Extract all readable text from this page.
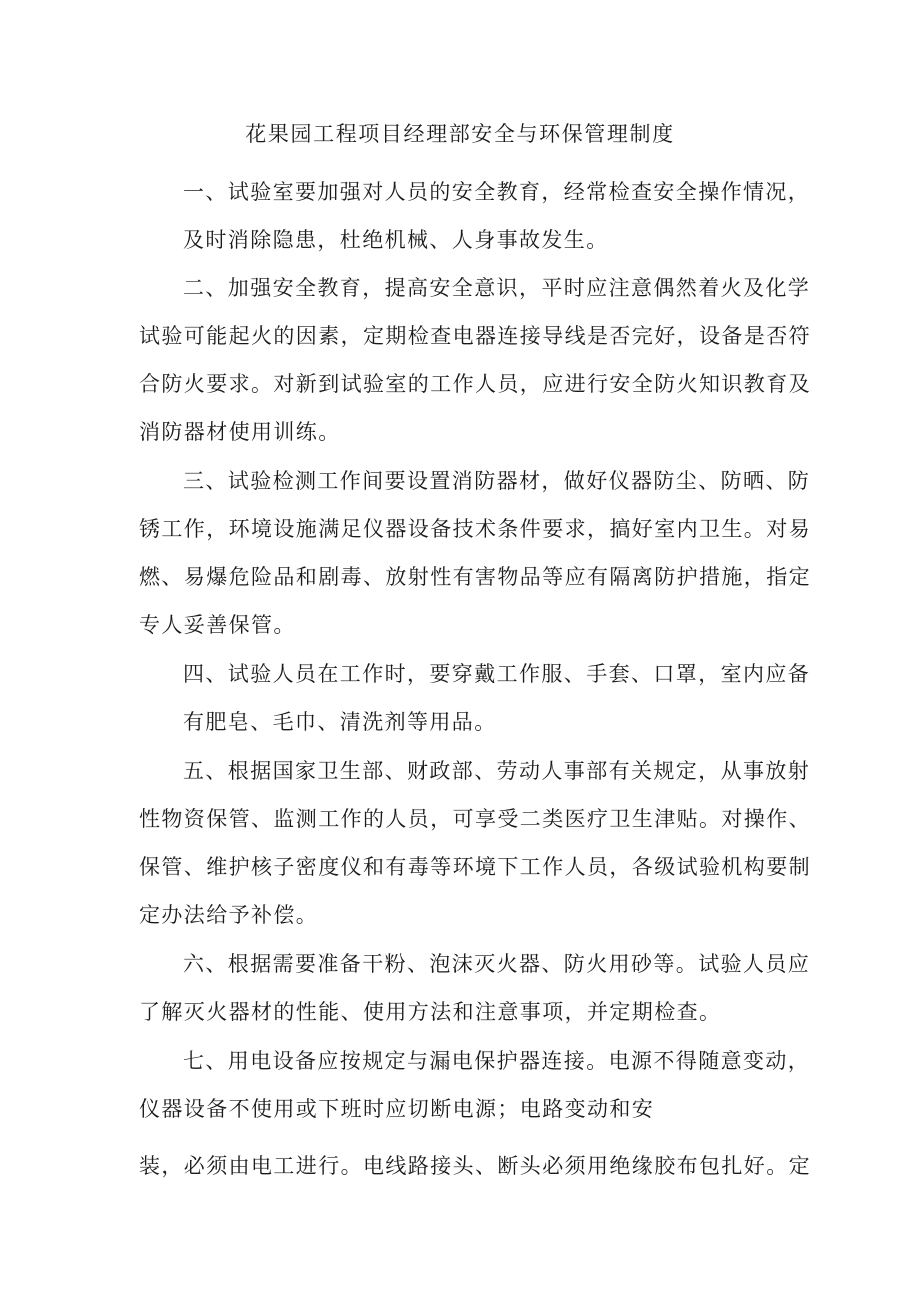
花果园工程项目经理部安全与环保管理制度
一、试验室要加强对人员的安全教育，经常检查安全操作情况，
及时消除隐患，杜绝机械、人身事故发生。
二、加强安全教育，提高安全意识，平时应注意偶然着火及化学
试验可能起火的因素，定期检查电器连接导线是否完好，设备是否符
合防火要求。对新到试验室的工作人员，应进行安全防火知识教育及
消防器材使用训练。
三、试验检测工作间要设置消防器材，做好仪器防尘、防晒、防
锈工作，环境设施满足仪器设备技术条件要求，搞好室内卫生。对易
燃、易爆危险品和剧毒、放射性有害物品等应有隔离防护措施，指定
专人妥善保管。
四、试验人员在工作时，要穿戴工作服、手套、口罩，室内应备
有肥皂、毛巾、清洗剂等用品。
五、根据国家卫生部、财政部、劳动人事部有关规定，从事放射
性物资保管、监测工作的人员，可享受二类医疗卫生津贴。对操作、
保管、维护核子密度仪和有毒等环境下工作人员，各级试验机构要制
定办法给予补偿。
六、根据需要准备干粉、泡沫灭火器、防火用砂等。试验人员应
了解灭火器材的性能、使用方法和注意事项，并定期检查。
七、用电设备应按规定与漏电保护器连接。电源不得随意变动，
仪器设备不使用或下班时应切断电源；电路变动和安
装，必须由电工进行。电线路接头、断头必须用绝缘胶布包扎好。定
